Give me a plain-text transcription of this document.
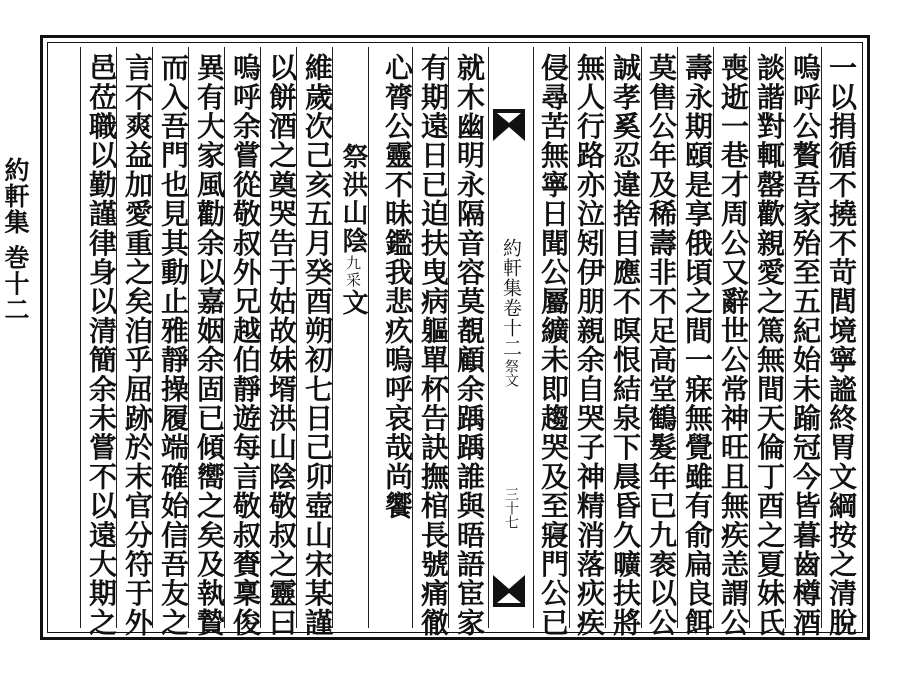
約軒集 巻十二	一以捐循不撓不苛閭境寧謐終胃文綱按之清脫
嗚呼公贅吾家殆至五紀始未踰冠今皆暮齒樽酒
談諧對輒罄歡親愛之篤無間天倫丁酉之夏妹氏
喪逝一巷才周公又辭世公常神旺且無疾恙謂公
壽永期頤是享俄頃之間一寐無覺雖有俞扁良餌
莫售公年及稀壽非不足高堂鶴髮年已九袠以公
誠孝奚忍違捨目應不暝恨結泉下晨昏久曠扶將
無人行路亦泣矧伊朋親余自哭子神精消落疢疾
侵尋苦無寧日聞公屬纊未即趨哭及至寢門公已
約軒集卷十二
祭文
三十七
就木幽明永隔音容莫覩顧余踽踽誰與晤語宦家
有期遠日已迫扶曳病軀單杯告訣撫棺長號痛徹
心膂公靈不昧鑑我悲疚嗚呼哀哉尚饗
祭洪山陰九采文
維歲次己亥五月癸酉朔初七日己卯壺山宋某謹
以餅酒之奠哭告于姑故妹壻洪山陰敬叔之靈曰
嗚呼余嘗從敬叔外兄越伯靜遊每言敬叔賚稟俊
異有大家風勸余以嘉姻余固已傾嚮之矣及執贄
而入吾門也見其動止雅靜操履端確始信吾友之
言不爽益加愛重之矣洎乎屈跡於末官分符于外
邑莅職以勤謹律身以清簡余未嘗不以遠大期之
